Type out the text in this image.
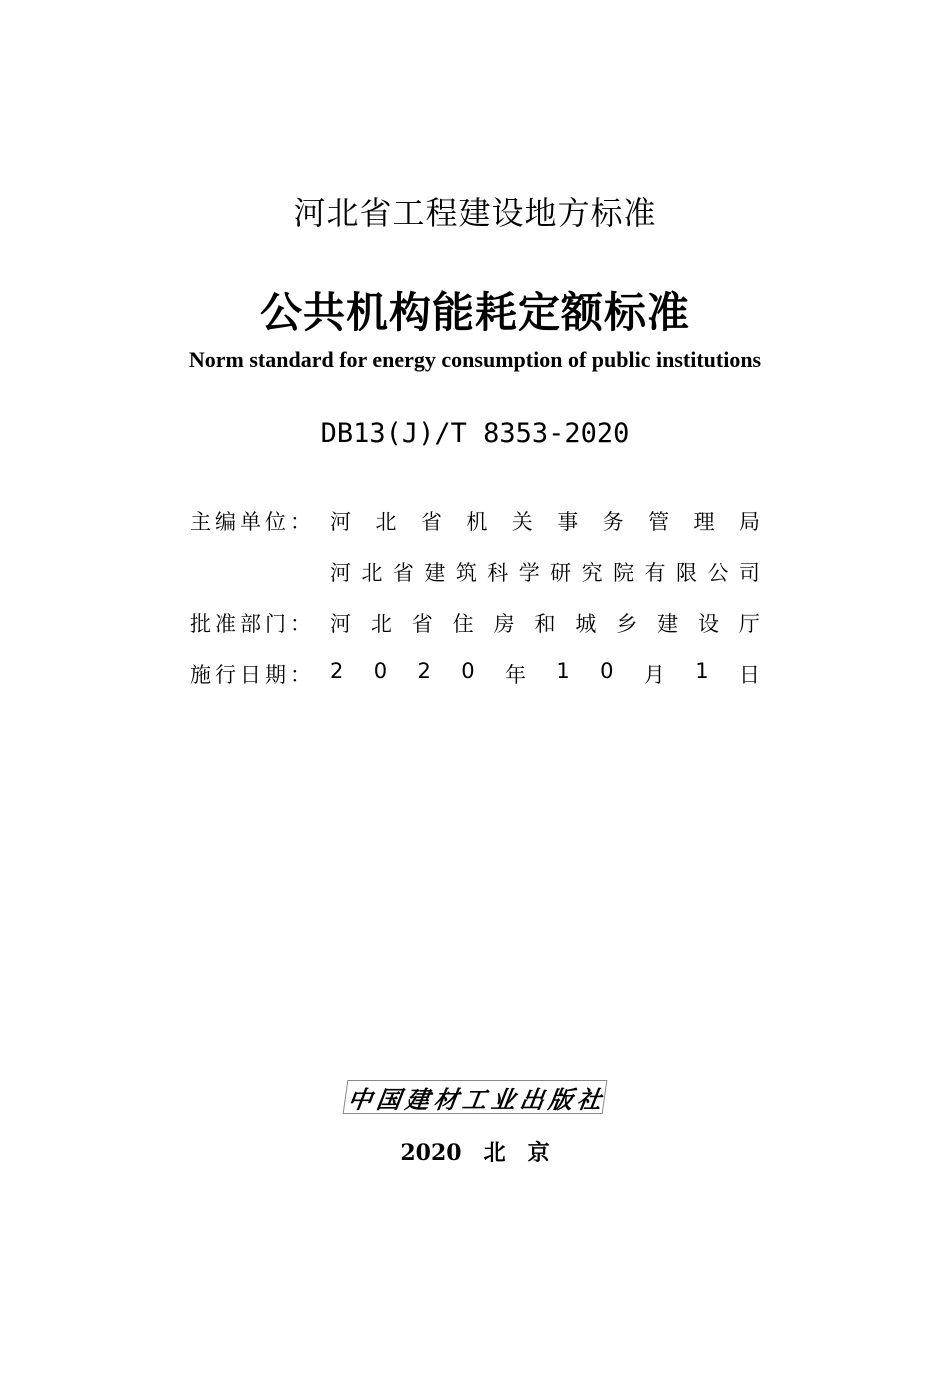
河北省工程建设地方标准
公共机构能耗定额标准
Norm standard for energy consumption of public institutions
DB13(J)/T 8353-2020
主编单位： 河 北 省 机 关 事 务 管 理 局
河 北 省 建 筑 科 学 研 究 院 有 限 公 司
批准部门： 河 北 省 住 房 和 城 乡 建 设 厅
施行日期： 2 0 2 0 年 1 0 月 1 日
中 国 建 材 工 业 出 版 社
2020　北　京
